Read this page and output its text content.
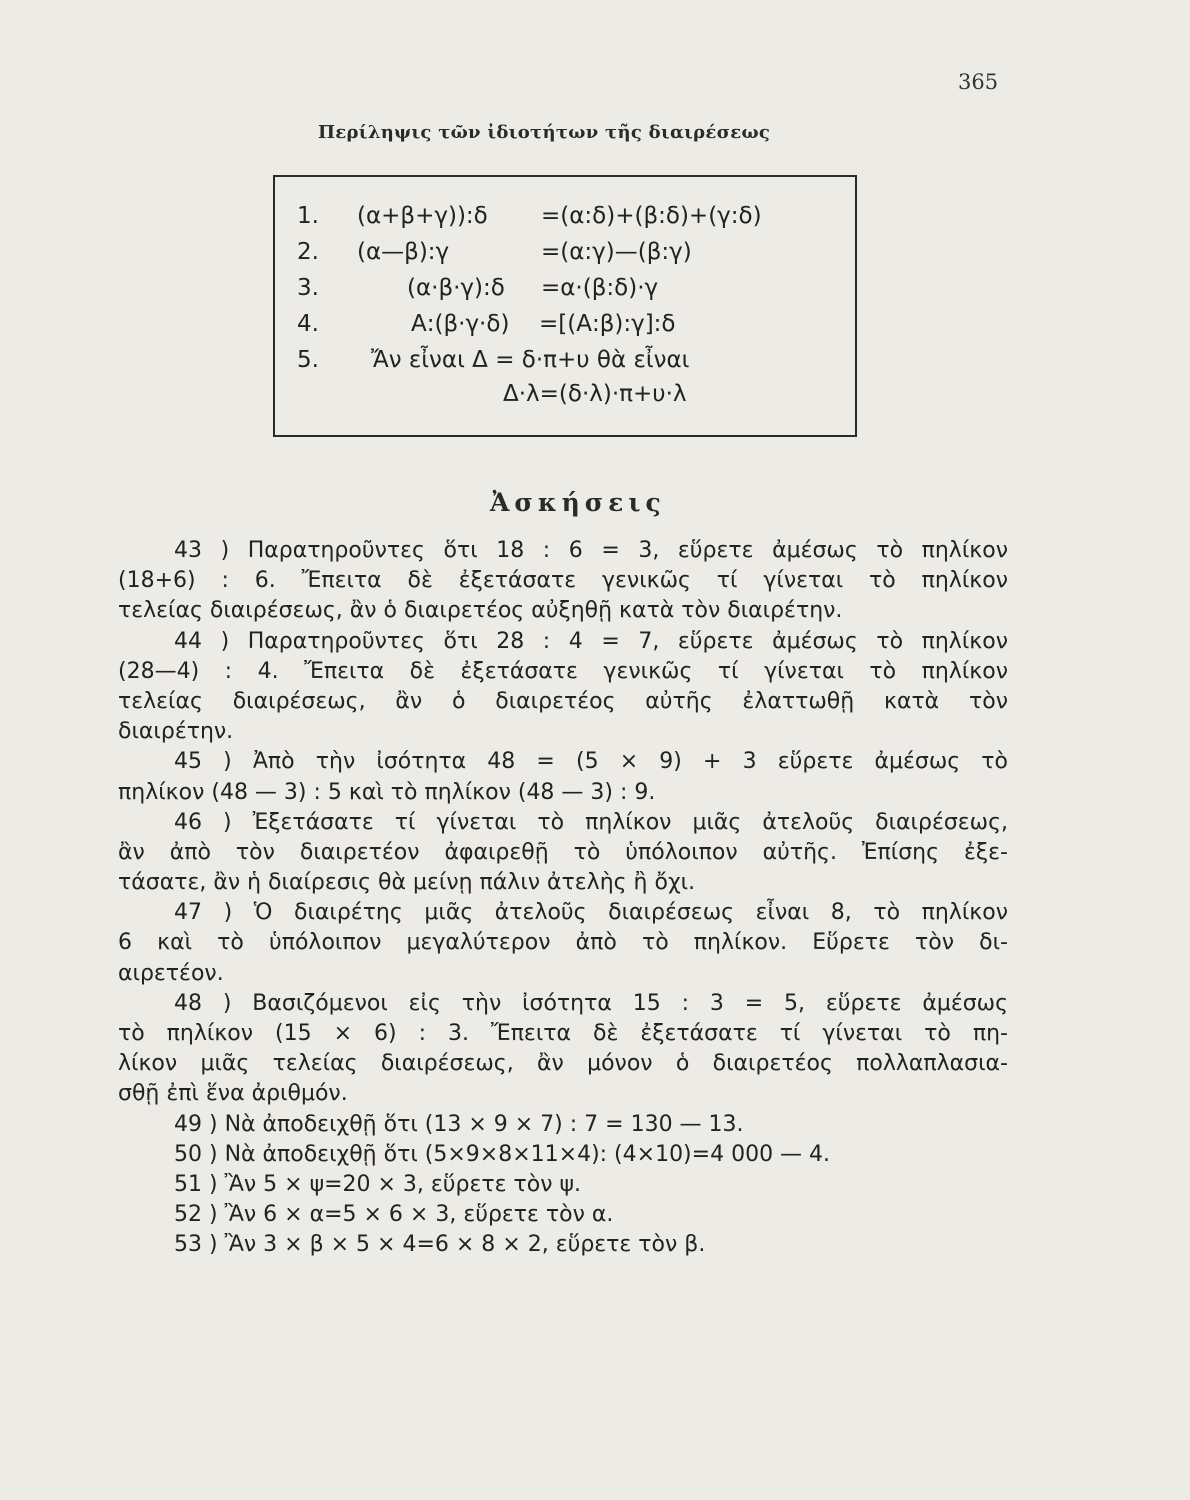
365
Περίληψις τῶν ἰδιοτήτων τῆς διαιρέσεως
1. (α+β+γ)):δ =(α:δ)+(β:δ)+(γ:δ)
2. (α—β):γ	=(α:γ)—(β:γ)
3.	(α·β·γ):δ =α·(β:δ)·γ
4.	Α:(β·γ·δ) =[(Α:β):γ]:δ
5. Ἄν εἶναι Δ = δ·π+υ θὰ εἶναι
Δ·λ=(δ·λ)·π+υ·λ
Ἀσκήσεις
43 ) Παρατηροῦντες ὅτι 18 : 6 = 3, εὕρετε ἀμέσως τὸ πηλίκον
(18+6) : 6. Ἔπειτα δὲ ἐξετάσατε γενικῶς τί γίνεται τὸ πηλίκον
τελείας διαιρέσεως, ἂν ὁ διαιρετέος αὐξηθῇ κατὰ τὸν διαιρέτην.
44 ) Παρατηροῦντες ὅτι 28 : 4 = 7, εὕρετε ἀμέσως τὸ πηλίκον
(28—4) : 4. Ἔπειτα δὲ ἐξετάσατε γενικῶς τί γίνεται τὸ πηλίκον
τελείας διαιρέσεως, ἂν ὁ διαιρετέος αὐτῆς ἐλαττωθῇ κατὰ τὸν
διαιρέτην.
45 ) Ἀπὸ τὴν ἰσότητα 48 = (5 × 9) + 3 εὕρετε ἀμέσως τὸ
πηλίκον (48 — 3) : 5 καὶ τὸ πηλίκον (48 — 3) : 9.
46 ) Ἐξετάσατε τί γίνεται τὸ πηλίκον μιᾶς ἀτελοῦς διαιρέσεως,
ἂν ἀπὸ τὸν διαιρετέον ἀφαιρεθῇ τὸ ὑπόλοιπον αὐτῆς. Ἐπίσης ἐξε-
τάσατε, ἂν ἡ διαίρεσις θὰ μείνῃ πάλιν ἀτελὴς ἢ ὄχι.
47 ) Ὁ διαιρέτης μιᾶς ἀτελοῦς διαιρέσεως εἶναι 8, τὸ πηλίκον
6 καὶ τὸ ὑπόλοιπον μεγαλύτερον ἀπὸ τὸ πηλίκον. Εὕρετε τὸν δι-
αιρετέον.
48 ) Βασιζόμενοι εἰς τὴν ἰσότητα 15 : 3 = 5, εὕρετε ἀμέσως
τὸ πηλίκον (15 × 6) : 3. Ἔπειτα δὲ ἐξετάσατε τί γίνεται τὸ πη-
λίκον μιᾶς τελείας διαιρέσεως, ἂν μόνον ὁ διαιρετέος πολλαπλασια-
σθῇ ἐπὶ ἕνα ἀριθμόν.
49 ) Νὰ ἀποδειχθῇ ὅτι (13 × 9 × 7) : 7 = 130 — 13.
50 ) Νὰ ἀποδειχθῇ ὅτι (5×9×8×11×4): (4×10)=4 000 — 4.
51 ) Ἂν 5 × ψ=20 × 3, εὕρετε τὸν ψ.
52 ) Ἂν 6 × α=5 × 6 × 3, εὕρετε τὸν α.
53 ) Ἂν 3 × β × 5 × 4=6 × 8 × 2, εὕρετε τὸν β.
